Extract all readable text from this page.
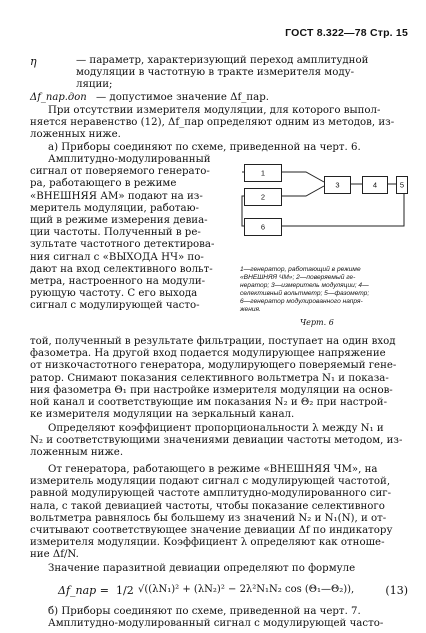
ГОСТ 8.322—78 Стр. 15
η	— параметр, характеризующий переход амплитудной
модуляции в частотную в тракте измерителя моду-
ляции;
Δf_пар.доп — допустимое значение Δf_пар.
При отсутствии измерителя модуляции, для которого выпол-
няется неравенство (12), Δf_пар определяют одним из методов, из-
ложенных ниже.
а) Приборы соединяют по схеме, приведенной на черт. 6.
Амплитудно-модулированный
сигнал от поверяемого генерато-
ра, работающего в режиме
«ВНЕШНЯЯ АМ» подают на из-
меритель модуляции, работаю-
щий в режиме измерения девиа-
ции частоты. Полученный в ре-
зультате частотного детектирова-
ния сигнал с «ВЫХОДА НЧ» по-
дают на вход селективного вольт-
метра, настроенного на модули-
рующую частоту. С его выхода
сигнал с модулирующей часто-
1
2
3	4	5
6
1—генератор, работающий в режиме
«ВНЕШНЯЯ ЧМ»; 2—поверяемый ге-
нератор; 3—измеритель модуляции; 4—
селективный вольтметр; 5—фазометр;
6—генератор модулированного напря-
жения.
Черт. 6
той, полученный в результате фильтрации, поступает на один вход
фазометра. На другой вход подается модулирующее напряжение
от низкочастотного генератора, модулирующего поверяемый гене-
ратор. Снимают показания селективного вольтметра N₁ и показа-
ния фазометра Θ₁ при настройке измерителя модуляции на основ-
ной канал и соответствующие им показания N₂ и Θ₂ при настрой-
ке измерителя модуляции на зеркальный канал.
Определяют коэффициент пропорциональности λ между N₁ и
N₂ и соответствующими значениями девиации частоты методом, из-
ложенным ниже.
От генератора, работающего в режиме «ВНЕШНЯЯ ЧМ», на
измеритель модуляции подают сигнал с модулирующей частотой,
равной модулирующей частоте амплитудно-модулированного сиг-
нала, с такой девиацией частоты, чтобы показание селективного
вольтметра равнялось бы большему из значений N₂ и N₁(N), и от-
считывают соответствующее значение девиации Δf по индикатору
измерителя модуляции. Коэффициент λ определяют как отноше-
ние Δf/N.
Значение паразитной девиации определяют по формуле
Δf_пар = 1/2 √((λN₁)² + (λN₂)² − 2λ²N₁N₂ cos (Θ₁—Θ₂)),	(13)
б) Приборы соединяют по схеме, приведенной на черт. 7.
Амплитудно-модулированный сигнал с модулирующей часто-
